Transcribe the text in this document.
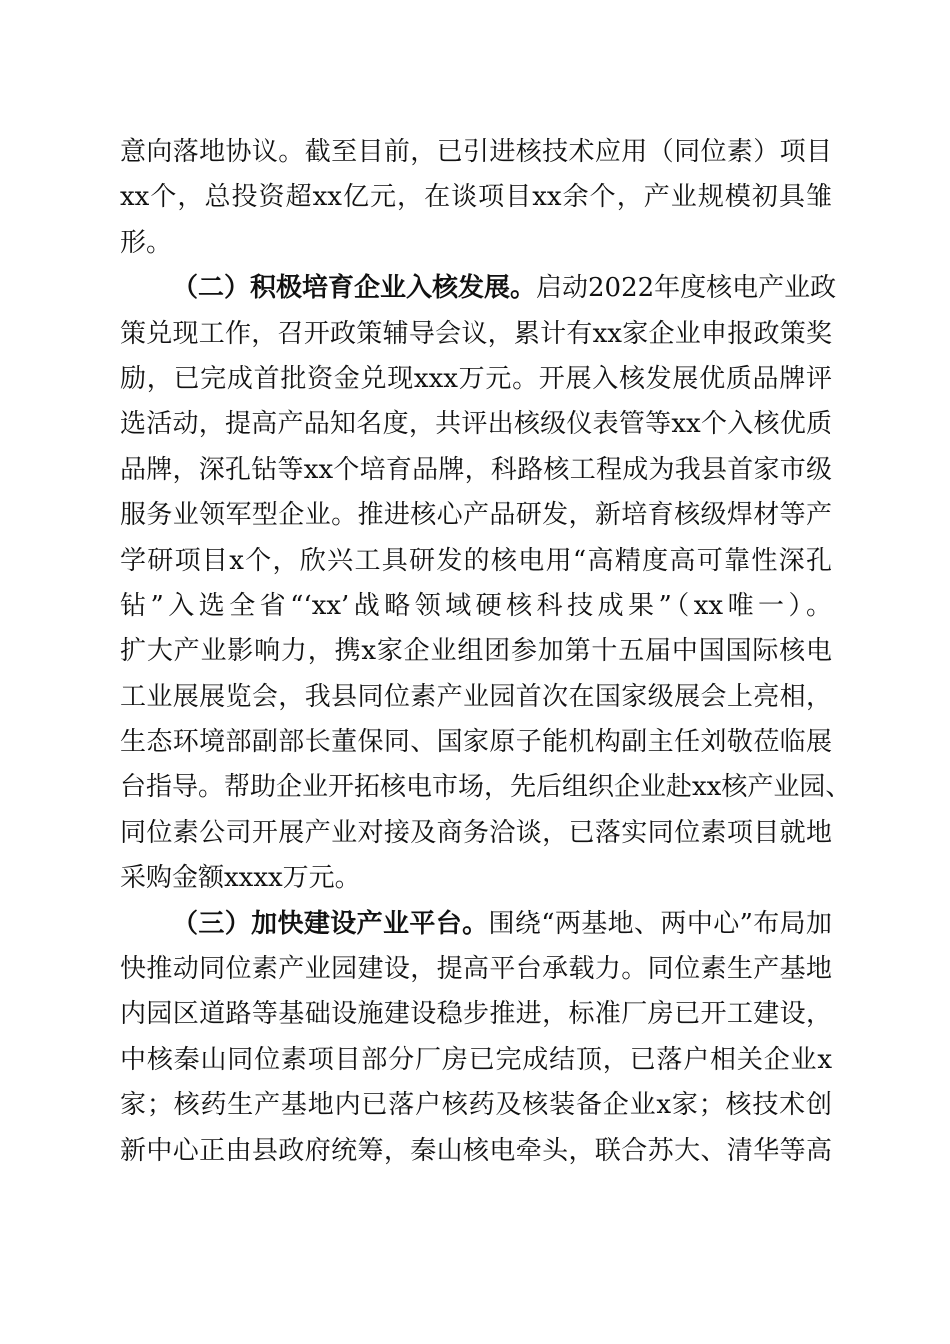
意向落地协议。截至目前，已引进核技术应用（同位素）项目
xx个，总投资超xx亿元，在谈项目xx余个，产业规模初具雏
形。
（二）积极培育企业入核发展。启动2022年度核电产业政
策兑现工作，召开政策辅导会议，累计有xx家企业申报政策奖
励，已完成首批资金兑现xxx万元。开展入核发展优质品牌评
选活动，提高产品知名度，共评出核级仪表管等xx个入核优质
品牌，深孔钻等xx个培育品牌，科路核工程成为我县首家市级
服务业领军型企业。推进核心产品研发，新培育核级焊材等产
学研项目x个，欣兴工具研发的核电用“高精度高可靠性深孔
钻”入选全省“‘xx’战略领域硬核科技成果”（xx唯一）。
扩大产业影响力，携x家企业组团参加第十五届中国国际核电
工业展展览会，我县同位素产业园首次在国家级展会上亮相，
生态环境部副部长董保同、国家原子能机构副主任刘敬莅临展
台指导。帮助企业开拓核电市场，先后组织企业赴xx核产业园、
同位素公司开展产业对接及商务洽谈，已落实同位素项目就地
采购金额xxxx万元。
（三）加快建设产业平台。围绕“两基地、两中心”布局加
快推动同位素产业园建设，提高平台承载力。同位素生产基地
内园区道路等基础设施建设稳步推进，标准厂房已开工建设，
中核秦山同位素项目部分厂房已完成结顶，已落户相关企业x
家；核药生产基地内已落户核药及核装备企业x家；核技术创
新中心正由县政府统筹，秦山核电牵头，联合苏大、清华等高
